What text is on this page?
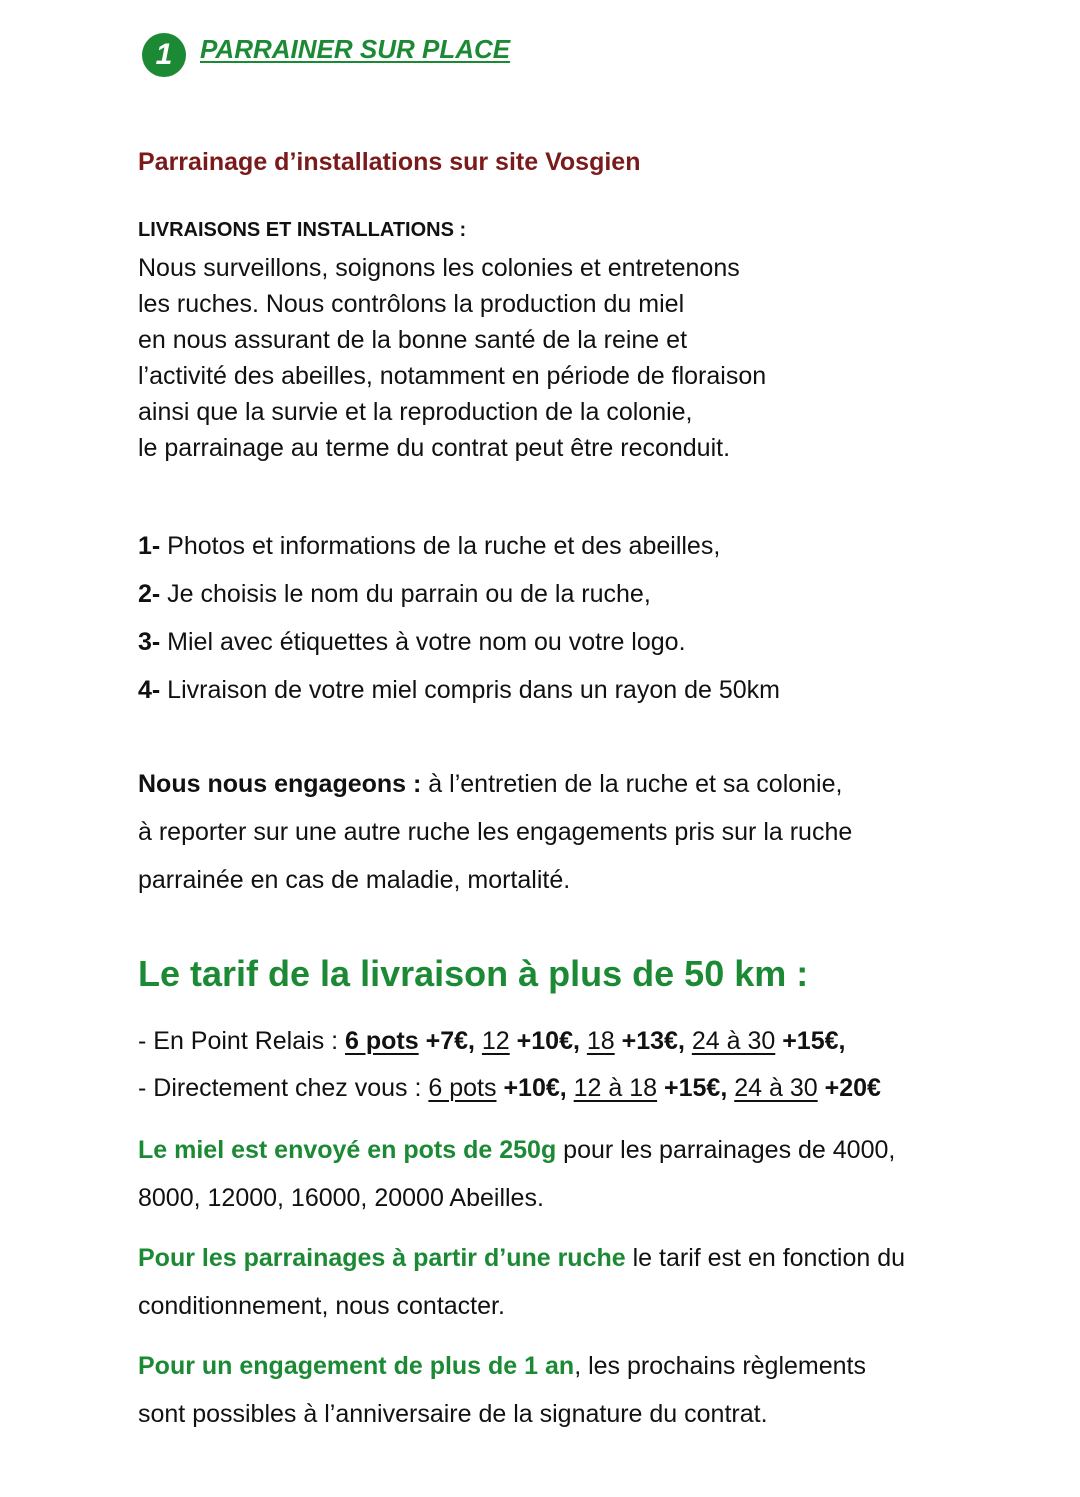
1	PARRAINER SUR PLACE
Parrainage d’installations sur site Vosgien
LIVRAISONS ET INSTALLATIONS :
Nous surveillons, soignons les colonies et entretenons
les ruches. Nous contrôlons la production du miel
en nous assurant de la bonne santé de la reine et
l’activité des abeilles, notamment en période de floraison
ainsi que la survie et la reproduction de la colonie,
le parrainage au terme du contrat peut être reconduit.
1- Photos et informations de la ruche et des abeilles,
2- Je choisis le nom du parrain ou de la ruche,
3- Miel avec étiquettes à votre nom ou votre logo.
4- Livraison de votre miel compris dans un rayon de 50km
Nous nous engageons : à l’entretien de la ruche et sa colonie,
à reporter sur une autre ruche les engagements pris sur la ruche
parrainée en cas de maladie, mortalité.
Le tarif de la livraison à plus de 50 km :
- En Point Relais : 6 pots +7€, 12 +10€, 18 +13€, 24 à 30 +15€,
- Directement chez vous : 6 pots +10€, 12 à 18 +15€, 24 à 30 +20€
Le miel est envoyé en pots de 250g pour les parrainages de 4000,
8000, 12000, 16000, 20000 Abeilles.
Pour les parrainages à partir d’une ruche le tarif est en fonction du
conditionnement, nous contacter.
Pour un engagement de plus de 1 an, les prochains règlements
sont possibles à l’anniversaire de la signature du contrat.
